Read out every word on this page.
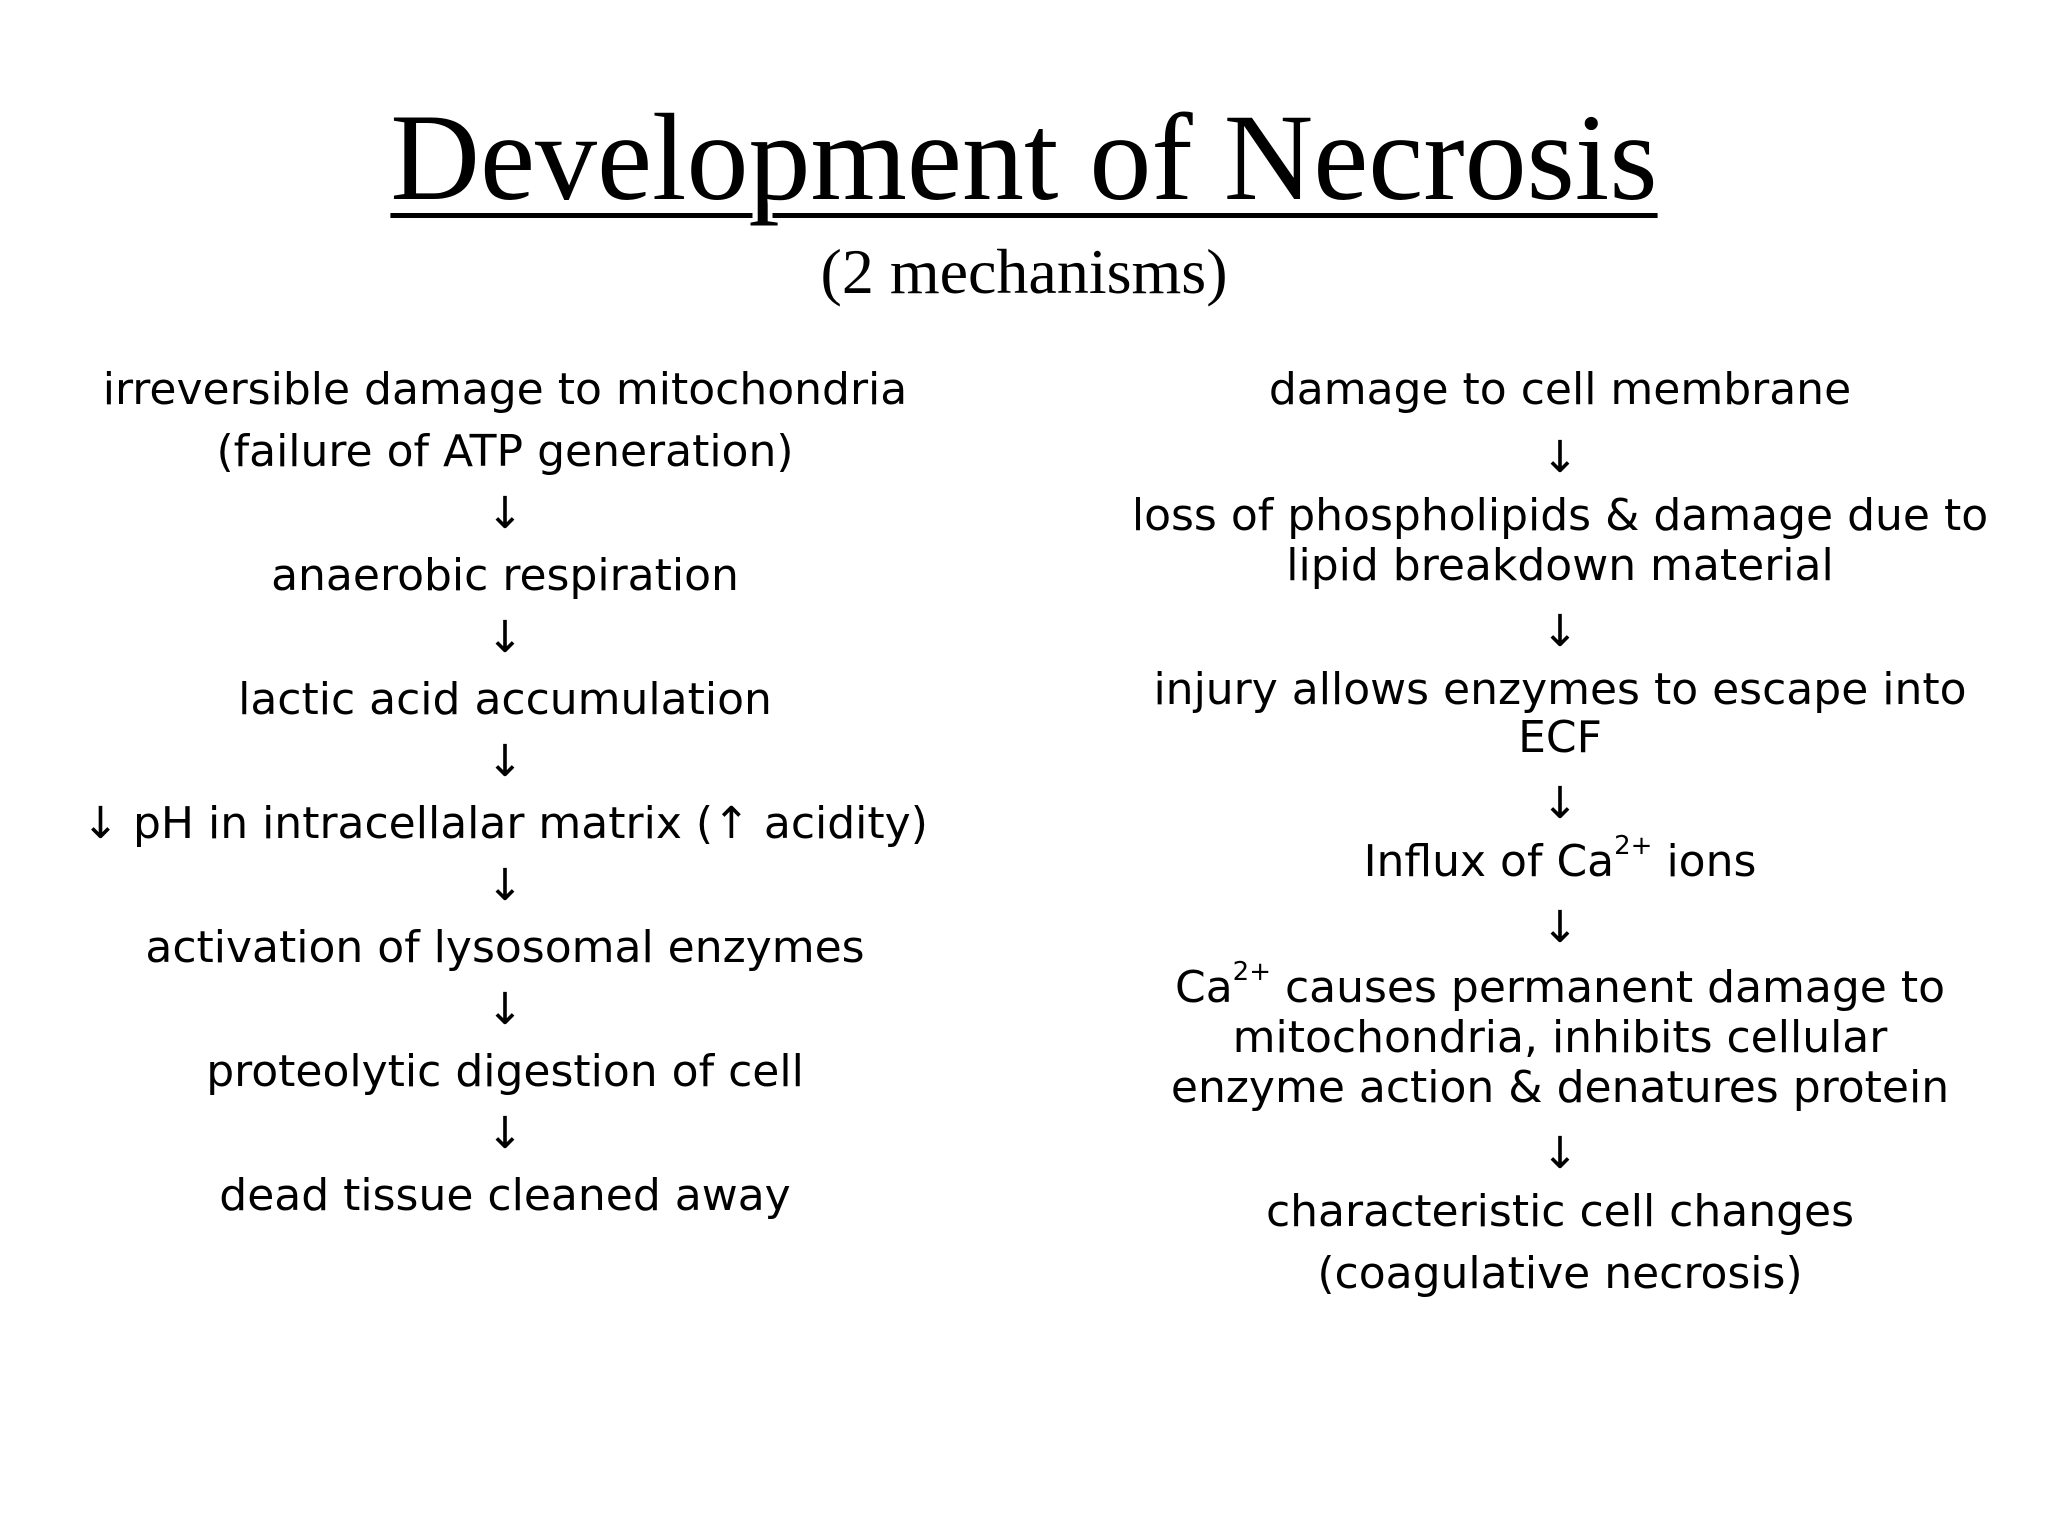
Development of Necrosis
(2 mechanisms)
irreversible damage to mitochondria
(failure of ATP generation)
↓
anaerobic respiration
↓
lactic acid accumulation
↓
↓ pH in intracellalar matrix (↑ acidity)
↓
activation of lysosomal enzymes
↓
proteolytic digestion of cell
↓
dead tissue cleaned away
damage to cell membrane
↓
loss of phospholipids & damage due to
lipid breakdown material
↓
injury allows enzymes to escape into
ECF
↓
Influx of $Ca^{2+}$ ions
↓
$Ca^{2+}$ causes permanent damage to
mitochondria, inhibits cellular
enzyme action & denatures protein
↓
characteristic cell changes
(coagulative necrosis)
